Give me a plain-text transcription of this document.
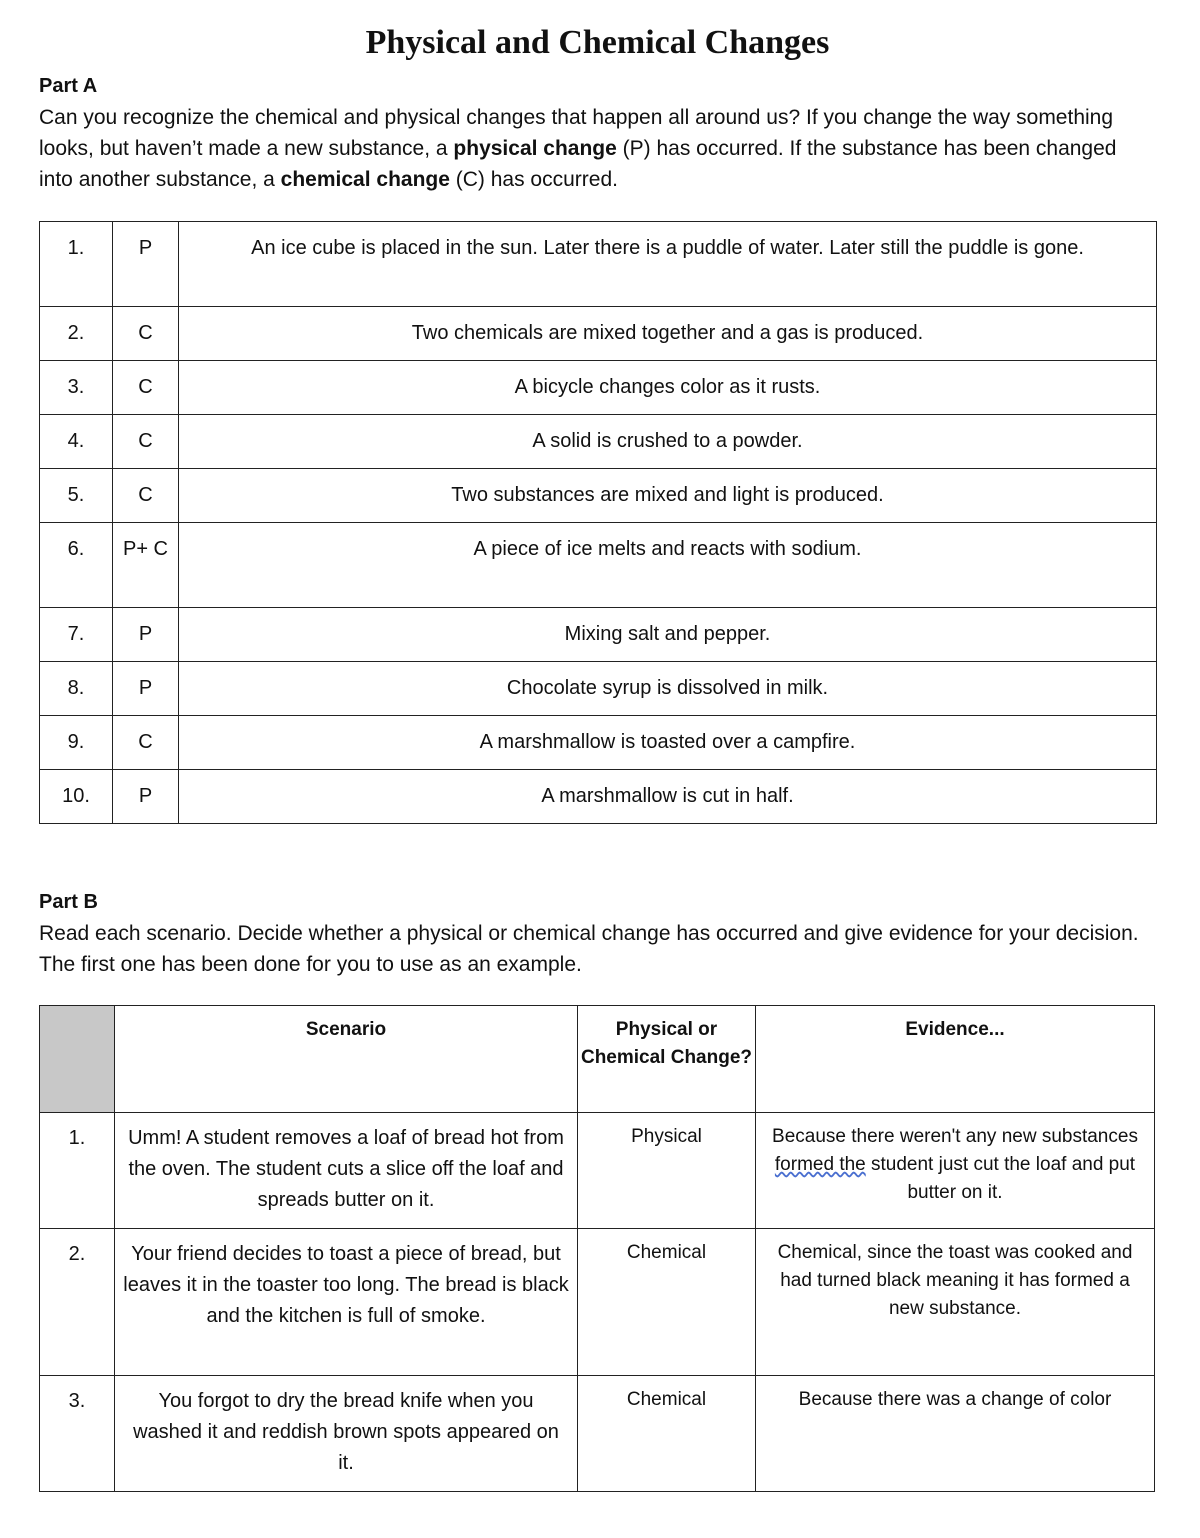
Physical and Chemical Changes
Part A
Can you recognize the chemical and physical changes that happen all around us? If you change the way something looks, but haven’t made a new substance, a physical change (P) has occurred. If the substance has been changed into another substance, a chemical change (C) has occurred.
1.	P	An ice cube is placed in the sun. Later there is a puddle of water. Later still the puddle is gone.
2.	C	Two chemicals are mixed together and a gas is produced.
3.	C	A bicycle changes color as it rusts.
4.	C	A solid is crushed to a powder.
5.	C	Two substances are mixed and light is produced.
6.	P+ C	A piece of ice melts and reacts with sodium.
7.	P	Mixing salt and pepper.
8.	P	Chocolate syrup is dissolved in milk.
9.	C	A marshmallow is toasted over a campfire.
10.	P	A marshmallow is cut in half.
Part B
Read each scenario. Decide whether a physical or chemical change has occurred and give evidence for your decision. The first one has been done for you to use as an example.
	Scenario	Physical or Chemical Change?	Evidence...
1.	Umm! A student removes a loaf of bread hot from the oven. The student cuts a slice off the loaf and spreads butter on it.	Physical	Because there weren't any new substances formed the student just cut the loaf and put butter on it.
2.	Your friend decides to toast a piece of bread, but leaves it in the toaster too long. The bread is black and the kitchen is full of smoke.	Chemical	Chemical, since the toast was cooked and had turned black meaning it has formed a new substance.
3.	You forgot to dry the bread knife when you washed it and reddish brown spots appeared on it.	Chemical	Because there was a change of color
